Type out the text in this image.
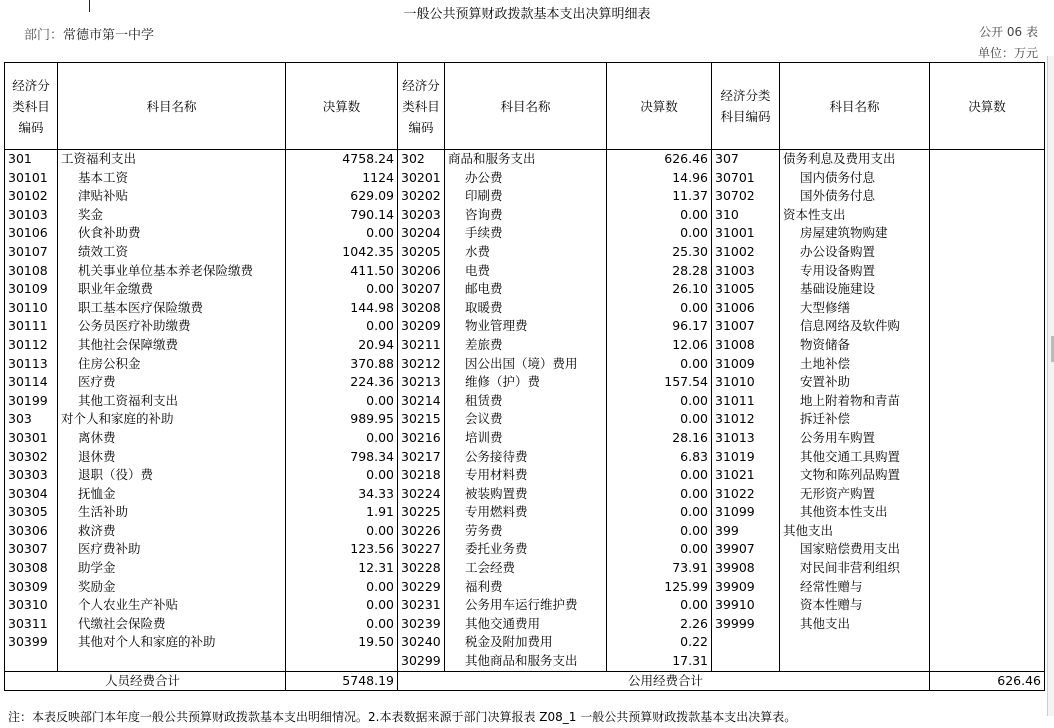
一般公共预算财政拨款基本支出决算明细表
部门：常德市第一中学	公开 06 表
单位：万元
经济分类科目编码	科目名称	决算数	经济分类科目编码	科目名称	决算数	经济分类科目编码	科目名称	决算数
301	工资福利支出	4758.24	302	商品和服务支出	626.46	307	债务利息及费用支出	
30101	基本工资	1124	30201	办公费	14.96	30701	国内债务付息	
30102	津贴补贴	629.09	30202	印刷费	11.37	30702	国外债务付息	
30103	奖金	790.14	30203	咨询费	0.00	310	资本性支出	
30106	伙食补助费	0.00	30204	手续费	0.00	31001	房屋建筑物购建	
30107	绩效工资	1042.35	30205	水费	25.30	31002	办公设备购置	
30108	机关事业单位基本养老保险缴费	411.50	30206	电费	28.28	31003	专用设备购置	
30109	职业年金缴费	0.00	30207	邮电费	26.10	31005	基础设施建设	
30110	职工基本医疗保险缴费	144.98	30208	取暖费	0.00	31006	大型修缮	
30111	公务员医疗补助缴费	0.00	30209	物业管理费	96.17	31007	信息网络及软件购	
30112	其他社会保障缴费	20.94	30211	差旅费	12.06	31008	物资储备	
30113	住房公积金	370.88	30212	因公出国（境）费用	0.00	31009	土地补偿	
30114	医疗费	224.36	30213	维修（护）费	157.54	31010	安置补助	
30199	其他工资福利支出	0.00	30214	租赁费	0.00	31011	地上附着物和青苗	
303	对个人和家庭的补助	989.95	30215	会议费	0.00	31012	拆迁补偿	
30301	离休费	0.00	30216	培训费	28.16	31013	公务用车购置	
30302	退休费	798.34	30217	公务接待费	6.83	31019	其他交通工具购置	
30303	退职（役）费	0.00	30218	专用材料费	0.00	31021	文物和陈列品购置	
30304	抚恤金	34.33	30224	被装购置费	0.00	31022	无形资产购置	
30305	生活补助	1.91	30225	专用燃料费	0.00	31099	其他资本性支出	
30306	救济费	0.00	30226	劳务费	0.00	399	其他支出	
30307	医疗费补助	123.56	30227	委托业务费	0.00	39907	国家赔偿费用支出	
30308	助学金	12.31	30228	工会经费	73.91	39908	对民间非营利组织	
30309	奖励金	0.00	30229	福利费	125.99	39909	经常性赠与	
30310	个人农业生产补贴	0.00	30231	公务用车运行维护费	0.00	39910	资本性赠与	
30311	代缴社会保险费	0.00	30239	其他交通费用	2.26	39999	其他支出	
30399	其他对个人和家庭的补助	19.50	30240	税金及附加费用	0.22			
			30299	其他商品和服务支出	17.31			
人员经费合计		5748.19	公用经费合计					626.46
注：本表反映部门本年度一般公共预算财政拨款基本支出明细情况。2.本表数据来源于部门决算报表 Z08_1 一般公共预算财政拨款基本支出决算表。
